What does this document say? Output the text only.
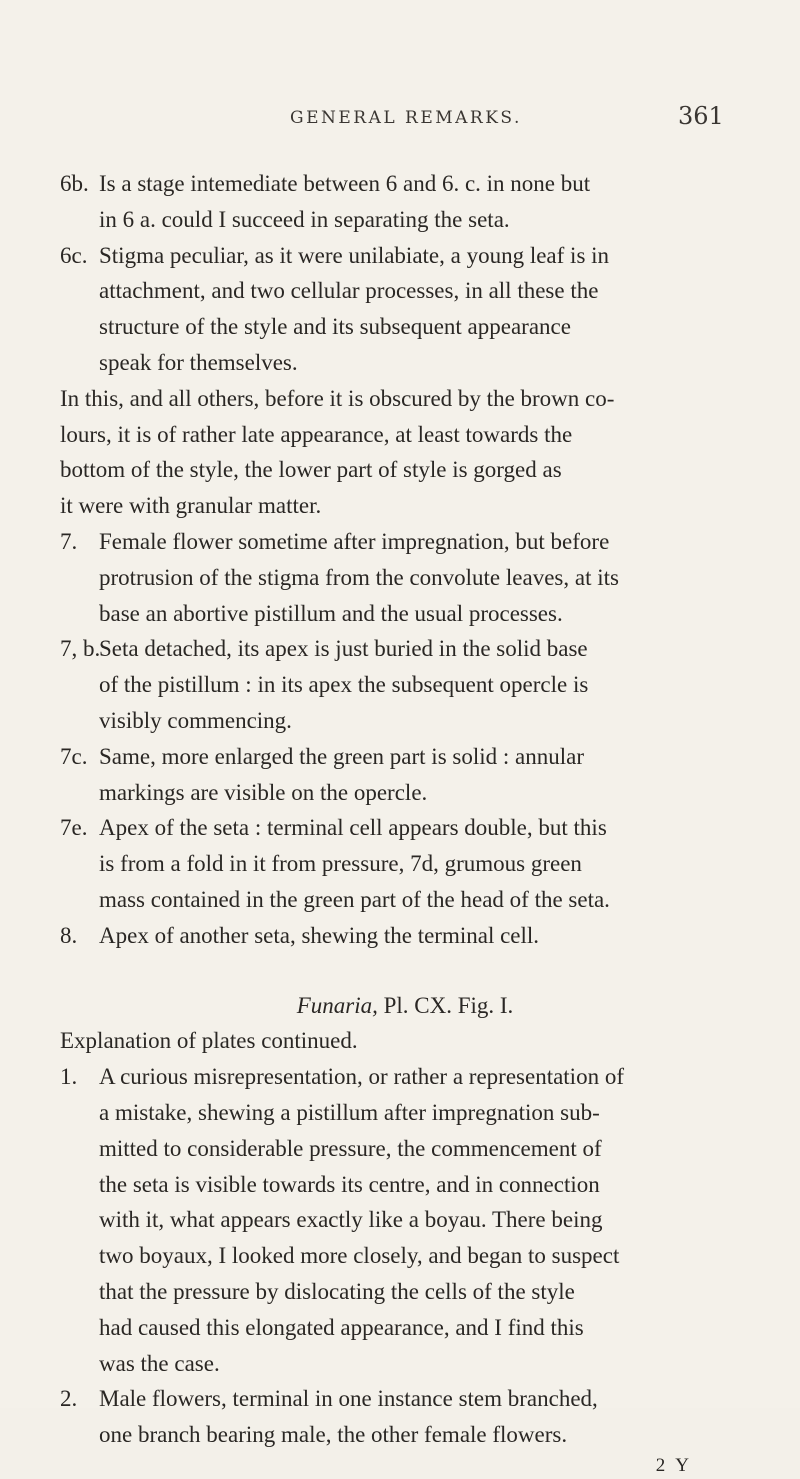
GENERAL REMARKS.	361
6b. Is a stage intemediate between 6 and 6. c. in none but
in 6 a. could I succeed in separating the seta.
6c. Stigma peculiar, as it were unilabiate, a young leaf is in
attachment, and two cellular processes, in all these the
structure of the style and its subsequent appearance
speak for themselves.
In this, and all others, before it is obscured by the brown co-
lours, it is of rather late appearance, at least towards the
bottom of the style, the lower part of style is gorged as
it were with granular matter.
7. Female flower sometime after impregnation, but before
protrusion of the stigma from the convolute leaves, at its
base an abortive pistillum and the usual processes.
7, b.
Seta detached, its apex is just buried in the solid base
of the pistillum : in its apex the subsequent opercle is
visibly commencing.
7c. Same, more enlarged the green part is solid : annular
markings are visible on the opercle.
7e. Apex of the seta : terminal cell appears double, but this
is from a fold in it from pressure, 7d, grumous green
mass contained in the green part of the head of the seta.
8. Apex of another seta, shewing the terminal cell.
Funaria, Pl. CX. Fig. I.
Explanation of plates continued.
1. A curious misrepresentation, or rather a representation of
a mistake, shewing a pistillum after impregnation sub-
mitted to considerable pressure, the commencement of
the seta is visible towards its centre, and in connection
with it, what appears exactly like a boyau. There being
two boyaux, I looked more closely, and began to suspect
that the pressure by dislocating the cells of the style
had caused this elongated appearance, and I find this
was the case.
2. Male flowers, terminal in one instance stem branched,
one branch bearing male, the other female flowers.
2 Y
